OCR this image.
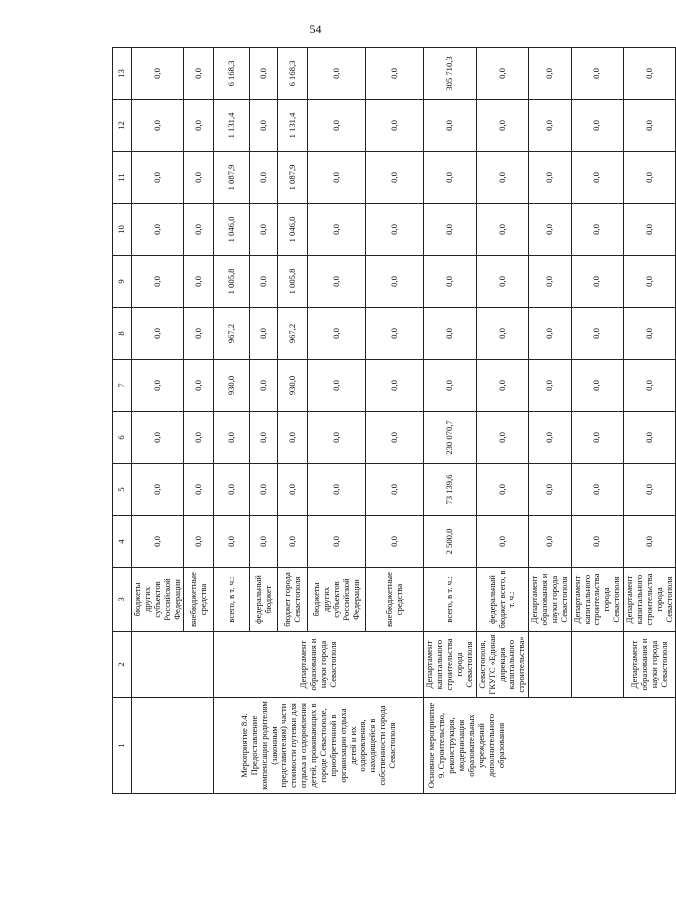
54
1	2	3	4	5	6	7	8	9	10	11	12	13
		бюджеты других субъектов Российской Федерации	0,0	0,0	0,0	0,0	0,0	0,0	0,0	0,0	0,0	0,0
		внебюджетные средства	0,0	0,0	0,0	0,0	0,0	0,0	0,0	0,0	0,0	0,0
Мероприятие 8.4. Предоставление компенсации родителям (законным представителям) части стоимости путевки для отдыха и оздоровления детей, проживающих в городе Севастополе, приобретенной в организации отдыха детей и их оздоровления, находящейся в собственности города Севастополя	Департамент образования и науки города Севастополя	всего, в т. ч.:	0,0	0,0	0,0	930,0	967,2	1 005,8	1 046,0	1 087,9	1 131,4	6 168,3
		федеральный бюджет	0,0	0,0	0,0	0,0	0,0	0,0	0,0	0,0	0,0	0,0
		бюджет города Севастополя	0,0	0,0	0,0	930,0	967,2	1 005,8	1 046,0	1 087,9	1 131,4	6 168,3
		бюджеты других субъектов Российской Федерации	0,0	0,0	0,0	0,0	0,0	0,0	0,0	0,0	0,0	0,0
		внебюджетные средства	0,0	0,0	0,0	0,0	0,0	0,0	0,0	0,0	0,0	0,0
Основное мероприятие 9. Строительство, реконструкция, модернизация образовательных учреждений дополнительного образования	Департамент капитального строительства города Севастополя	всего, в т. ч.:	2 500,0	73 139,6	230 070,7	0,0	0,0	0,0	0,0	0,0	0,0	305 710,3
	Севастополя, ГКУГС «Единая дирекция капитального строительства»	федеральный бюджет всего, в т. ч.:	0,0	0,0	0,0	0,0	0,0	0,0	0,0	0,0	0,0	0,0
		Департамент образования и науки города Севастополя	0,0	0,0	0,0	0,0	0,0	0,0	0,0	0,0	0,0	0,0
		Департамент капитального строительства города Севастополя	0,0	0,0	0,0	0,0	0,0	0,0	0,0	0,0	0,0	0,0
	Департамент образования и науки города Севастополя	Департамент капитального строительства города Севастополя	0,0	0,0	0,0	0,0	0,0	0,0	0,0	0,0	0,0	0,0
